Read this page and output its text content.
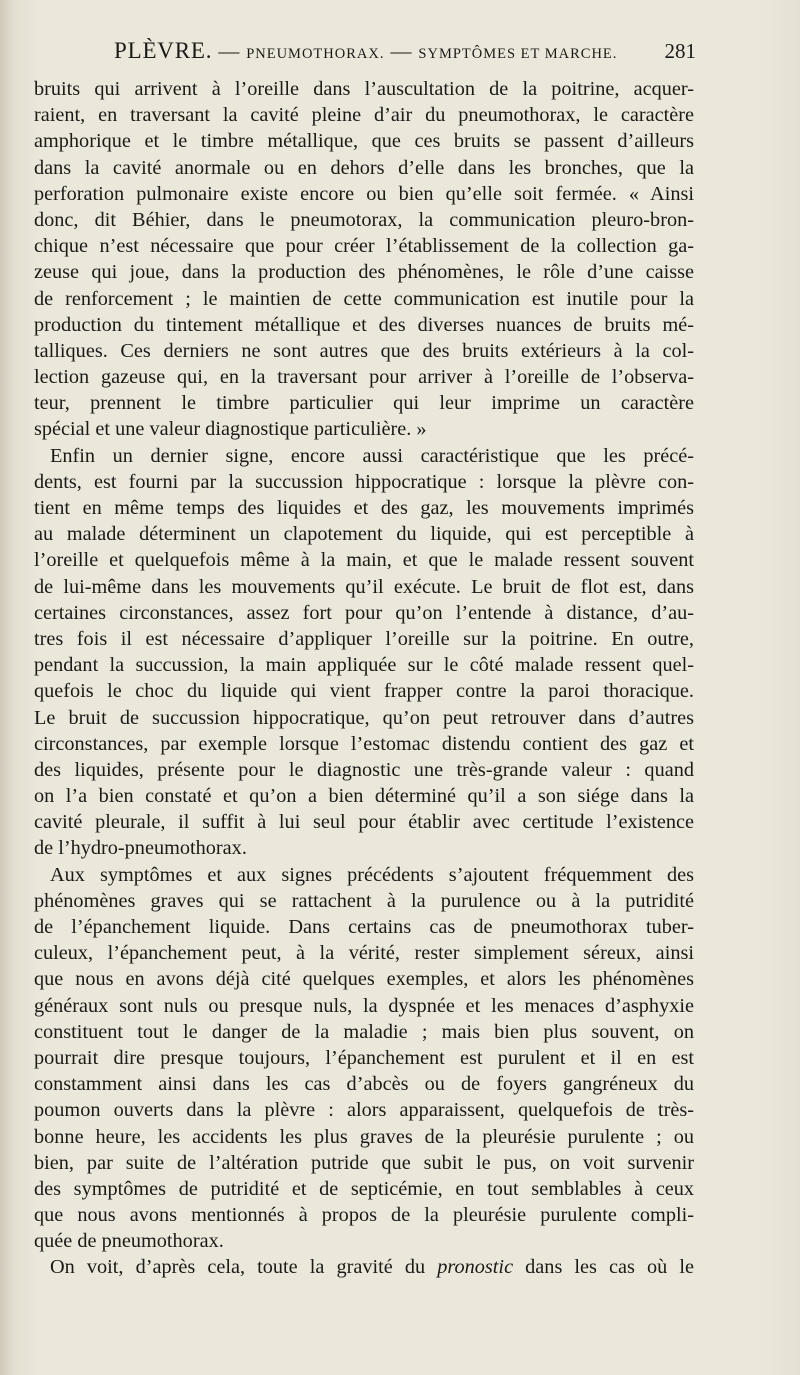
PLÈVRE. — PNEUMOTHORAX. — SYMPTÔMES ET MARCHE. 281
bruits qui arrivent à l’oreille dans l’auscultation de la poitrine, acquer-
raient, en traversant la cavité pleine d’air du pneumothorax, le caractère
amphorique et le timbre métallique, que ces bruits se passent d’ailleurs
dans la cavité anormale ou en dehors d’elle dans les bronches, que la
perforation pulmonaire existe encore ou bien qu’elle soit fermée. « Ainsi
donc, dit Béhier, dans le pneumotorax, la communication pleuro-bron-
chique n’est nécessaire que pour créer l’établissement de la collection ga-
zeuse qui joue, dans la production des phénomènes, le rôle d’une caisse
de renforcement ; le maintien de cette communication est inutile pour la
production du tintement métallique et des diverses nuances de bruits mé-
talliques. Ces derniers ne sont autres que des bruits extérieurs à la col-
lection gazeuse qui, en la traversant pour arriver à l’oreille de l’observa-
teur, prennent le timbre particulier qui leur imprime un caractère
spécial et une valeur diagnostique particulière. »
Enfin un dernier signe, encore aussi caractéristique que les précé-
dents, est fourni par la succussion hippocratique : lorsque la plèvre con-
tient en même temps des liquides et des gaz, les mouvements imprimés
au malade déterminent un clapotement du liquide, qui est perceptible à
l’oreille et quelquefois même à la main, et que le malade ressent souvent
de lui-même dans les mouvements qu’il exécute. Le bruit de flot est, dans
certaines circonstances, assez fort pour qu’on l’entende à distance, d’au-
tres fois il est nécessaire d’appliquer l’oreille sur la poitrine. En outre,
pendant la succussion, la main appliquée sur le côté malade ressent quel-
quefois le choc du liquide qui vient frapper contre la paroi thoracique.
Le bruit de succussion hippocratique, qu’on peut retrouver dans d’autres
circonstances, par exemple lorsque l’estomac distendu contient des gaz et
des liquides, présente pour le diagnostic une très-grande valeur : quand
on l’a bien constaté et qu’on a bien déterminé qu’il a son siége dans la
cavité pleurale, il suffit à lui seul pour établir avec certitude l’existence
de l’hydro-pneumothorax.
Aux symptômes et aux signes précédents s’ajoutent fréquemment des
phénomènes graves qui se rattachent à la purulence ou à la putridité
de l’épanchement liquide. Dans certains cas de pneumothorax tuber-
culeux, l’épanchement peut, à la vérité, rester simplement séreux, ainsi
que nous en avons déjà cité quelques exemples, et alors les phénomènes
généraux sont nuls ou presque nuls, la dyspnée et les menaces d’asphyxie
constituent tout le danger de la maladie ; mais bien plus souvent, on
pourrait dire presque toujours, l’épanchement est purulent et il en est
constamment ainsi dans les cas d’abcès ou de foyers gangréneux du
poumon ouverts dans la plèvre : alors apparaissent, quelquefois de très-
bonne heure, les accidents les plus graves de la pleurésie purulente ; ou
bien, par suite de l’altération putride que subit le pus, on voit survenir
des symptômes de putridité et de septicémie, en tout semblables à ceux
que nous avons mentionnés à propos de la pleurésie purulente compli-
quée de pneumothorax.
On voit, d’après cela, toute la gravité du pronostic dans les cas où le
